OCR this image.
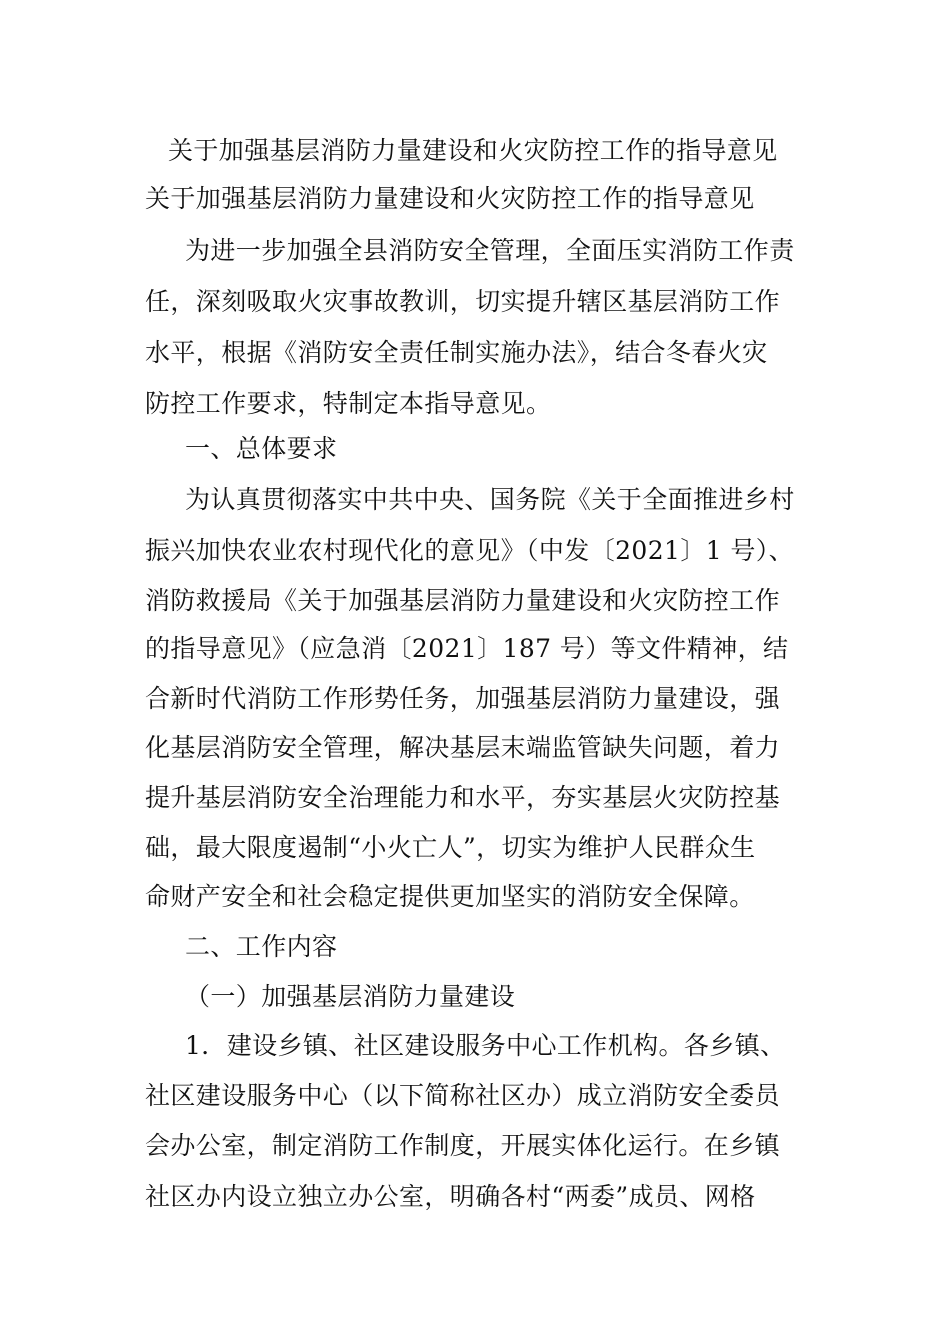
关于加强基层消防力量建设和火灾防控工作的指导意见
关于加强基层消防力量建设和火灾防控工作的指导意见
为进一步加强全县消防安全管理，全面压实消防工作责
任，深刻吸取火灾事故教训，切实提升辖区基层消防工作
水平，根据《消防安全责任制实施办法》，结合冬春火灾
防控工作要求，特制定本指导意见。
一、总体要求
为认真贯彻落实中共中央、国务院《关于全面推进乡村
振兴加快农业农村现代化的意见》（中发〔2021〕1 号）、
消防救援局《关于加强基层消防力量建设和火灾防控工作
的指导意见》（应急消〔2021〕187 号）等文件精神，结
合新时代消防工作形势任务，加强基层消防力量建设，强
化基层消防安全管理，解决基层末端监管缺失问题，着力
提升基层消防安全治理能力和水平，夯实基层火灾防控基
础，最大限度遏制“小火亡人”，切实为维护人民群众生
命财产安全和社会稳定提供更加坚实的消防安全保障。
二、工作内容
（一）加强基层消防力量建设
1．建设乡镇、社区建设服务中心工作机构。各乡镇、
社区建设服务中心（以下简称社区办）成立消防安全委员
会办公室，制定消防工作制度，开展实体化运行。在乡镇
社区办内设立独立办公室，明确各村“两委”成员、网格
